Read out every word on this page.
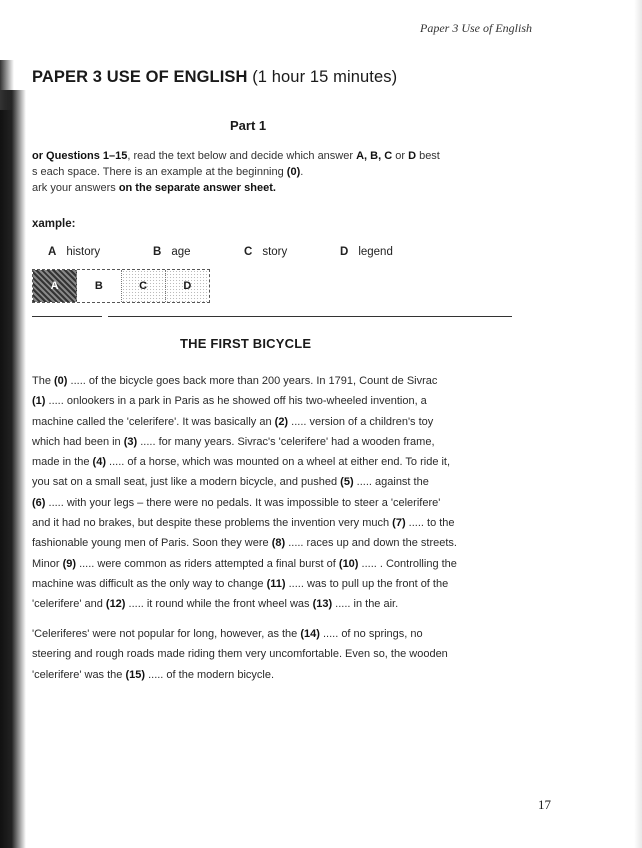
Paper 3 Use of English
PAPER 3 USE OF ENGLISH (1 hour 15 minutes)
Part 1
or Questions 1–15, read the text below and decide which answer A, B, C or D best
s each space. There is an example at the beginning (0).
ark your answers on the separate answer sheet.
xample:
A history	B age	C story	D legend
A	B	C	D
THE FIRST BICYCLE
The (0) ..... of the bicycle goes back more than 200 years. In 1791, Count de Sivrac
(1) ..... onlookers in a park in Paris as he showed off his two-wheeled invention, a
machine called the 'celerifere'. It was basically an (2) ..... version of a children's toy
which had been in (3) ..... for many years. Sivrac's 'celerifere' had a wooden frame,
made in the (4) ..... of a horse, which was mounted on a wheel at either end. To ride it,
you sat on a small seat, just like a modern bicycle, and pushed (5) ..... against the
(6) ..... with your legs – there were no pedals. It was impossible to steer a 'celerifere'
and it had no brakes, but despite these problems the invention very much (7) ..... to the
fashionable young men of Paris. Soon they were (8) ..... races up and down the streets.
Minor (9) ..... were common as riders attempted a final burst of (10) ..... . Controlling the
machine was difficult as the only way to change (11) ..... was to pull up the front of the
'celerifere' and (12) ..... it round while the front wheel was (13) ..... in the air.
'Celeriferes' were not popular for long, however, as the (14) ..... of no springs, no
steering and rough roads made riding them very uncomfortable. Even so, the wooden
'celerifere' was the (15) ..... of the modern bicycle.
17
